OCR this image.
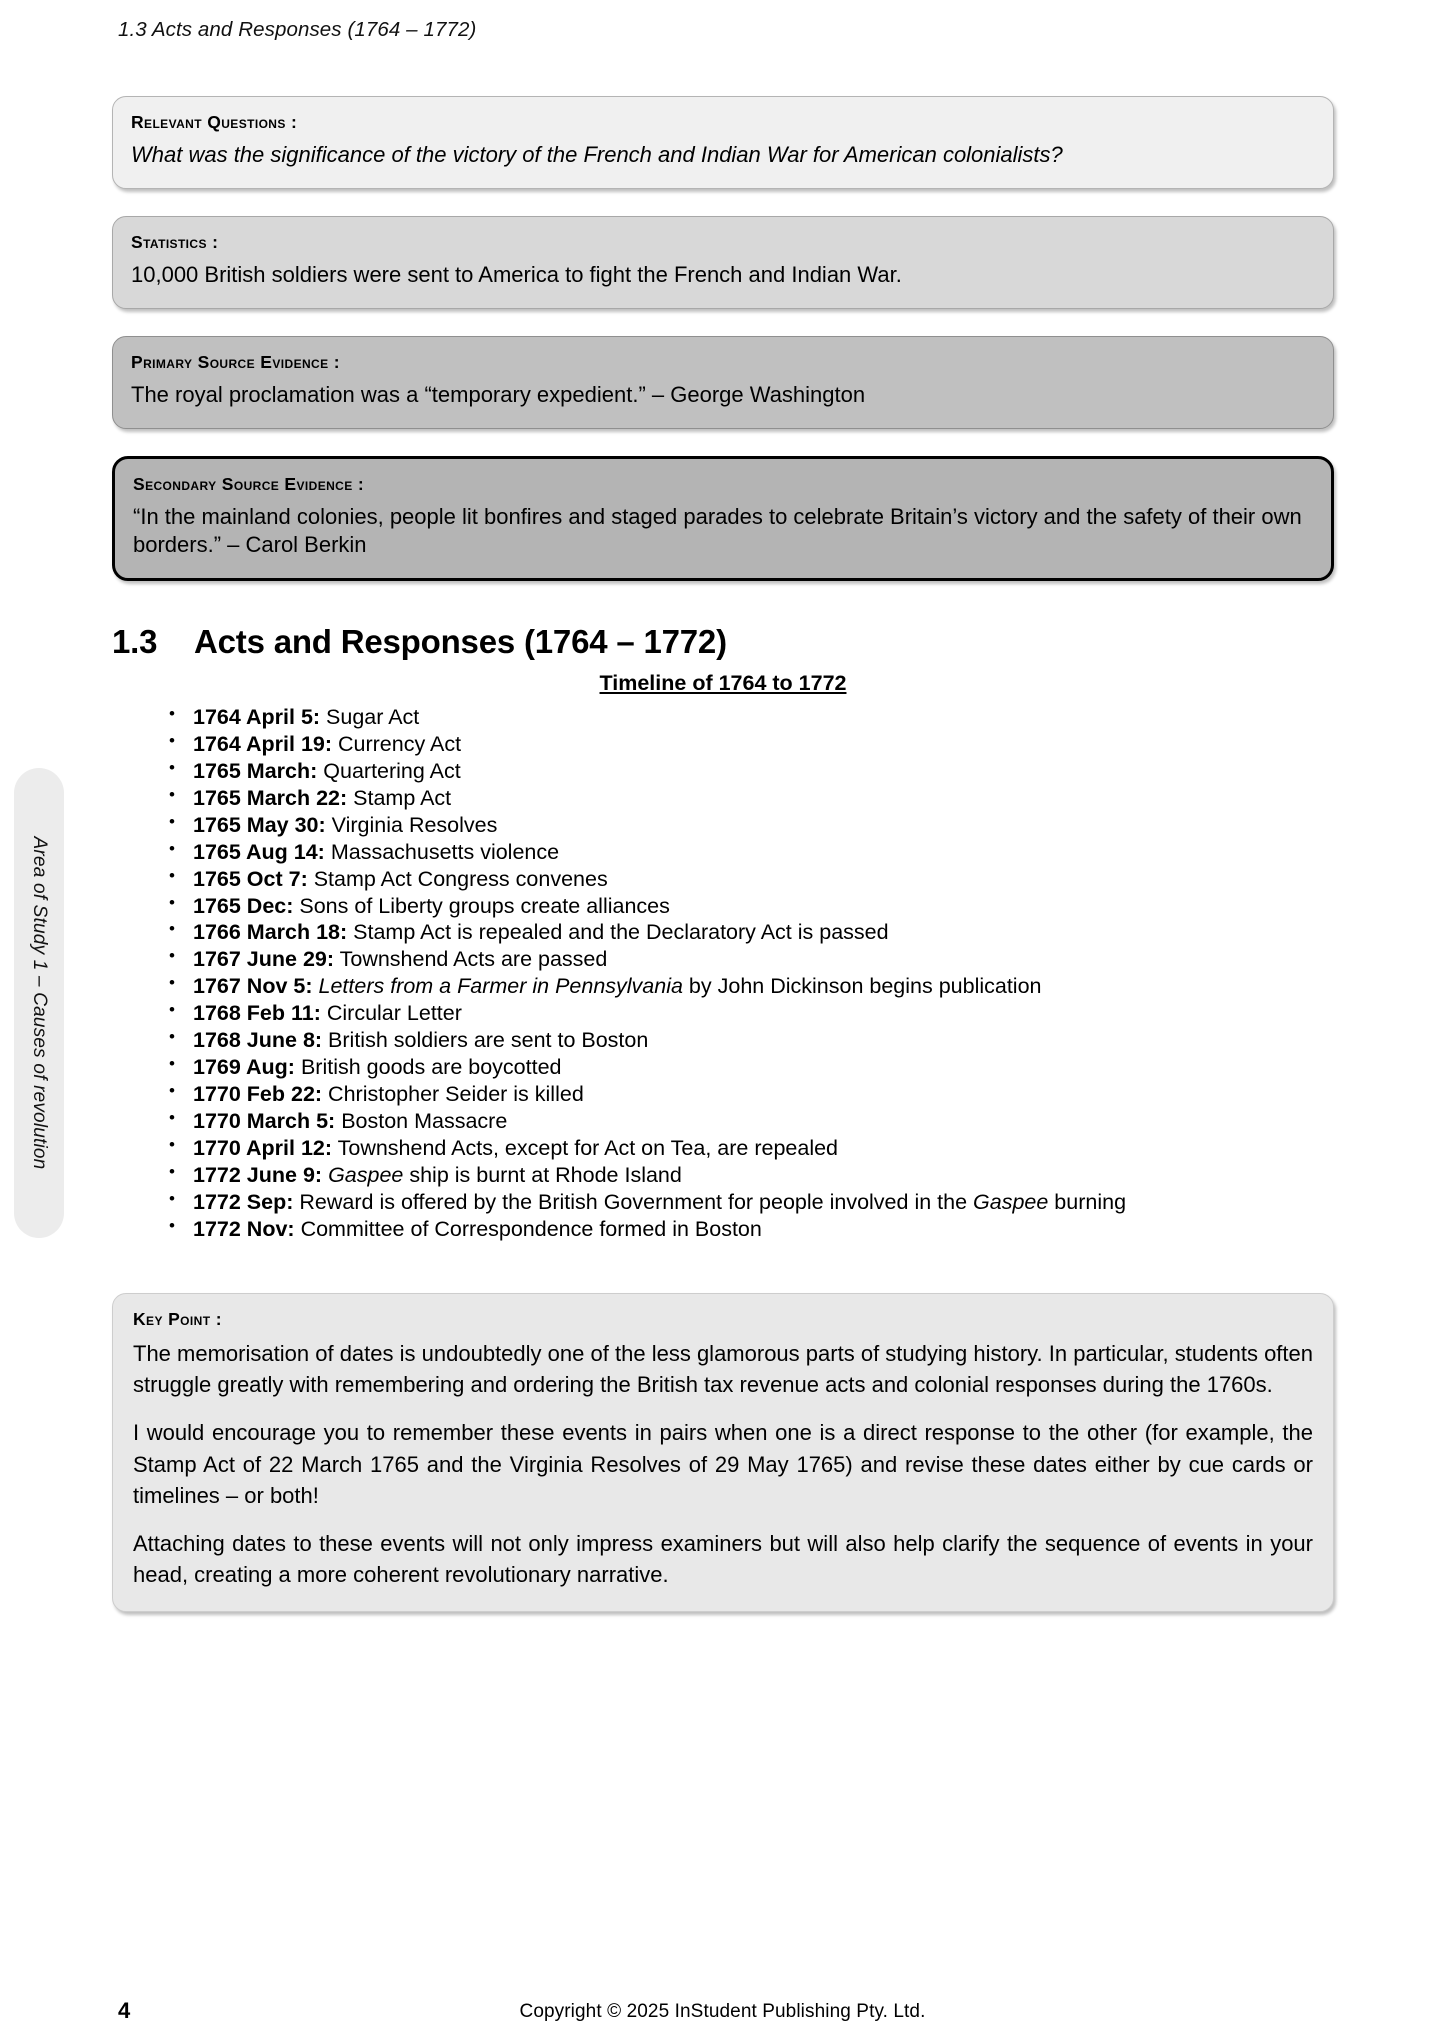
1.3 Acts and Responses (1764 – 1772)
Area of Study 1 – Causes of revolution
Relevant Questions :

What was the significance of the victory of the French and Indian War for American colonialists?

Statistics :

10,000 British soldiers were sent to America to fight the French and Indian War.

Primary Source Evidence :

The royal proclamation was a “temporary expedient.” – George Washington

Secondary Source Evidence :

“In the mainland colonies, people lit bonfires and staged parades to celebrate Britain’s victory and the safety of their own borders.” – Carol Berkin

1.3	Acts and Responses (1764 – 1772)
Timeline of 1764 to 1772
• 1764 April 5: Sugar Act
• 1764 April 19: Currency Act
• 1765 March: Quartering Act
• 1765 March 22: Stamp Act
• 1765 May 30: Virginia Resolves
• 1765 Aug 14: Massachusetts violence
• 1765 Oct 7: Stamp Act Congress convenes
• 1765 Dec: Sons of Liberty groups create alliances
• 1766 March 18: Stamp Act is repealed and the Declaratory Act is passed
• 1767 June 29: Townshend Acts are passed
• 1767 Nov 5: Letters from a Farmer in Pennsylvania by John Dickinson begins publication
• 1768 Feb 11: Circular Letter
• 1768 June 8: British soldiers are sent to Boston
• 1769 Aug: British goods are boycotted
• 1770 Feb 22: Christopher Seider is killed
• 1770 March 5: Boston Massacre
• 1770 April 12: Townshend Acts, except for Act on Tea, are repealed
• 1772 June 9: Gaspee ship is burnt at Rhode Island
• 1772 Sep: Reward is offered by the British Government for people involved in the Gaspee burning
• 1772 Nov: Committee of Correspondence formed in Boston
Key Point :

The memorisation of dates is undoubtedly one of the less glamorous parts of studying history. In particular, students often struggle greatly with remembering and ordering the British tax revenue acts and colonial responses during the 1760s.

I would encourage you to remember these events in pairs when one is a direct response to the other (for example, the Stamp Act of 22 March 1765 and the Virginia Resolves of 29 May 1765) and revise these dates either by cue cards or timelines – or both!

Attaching dates to these events will not only impress examiners but will also help clarify the sequence of events in your head, creating a more coherent revolutionary narrative.

4	Copyright © 2025 InStudent Publishing Pty. Ltd.
